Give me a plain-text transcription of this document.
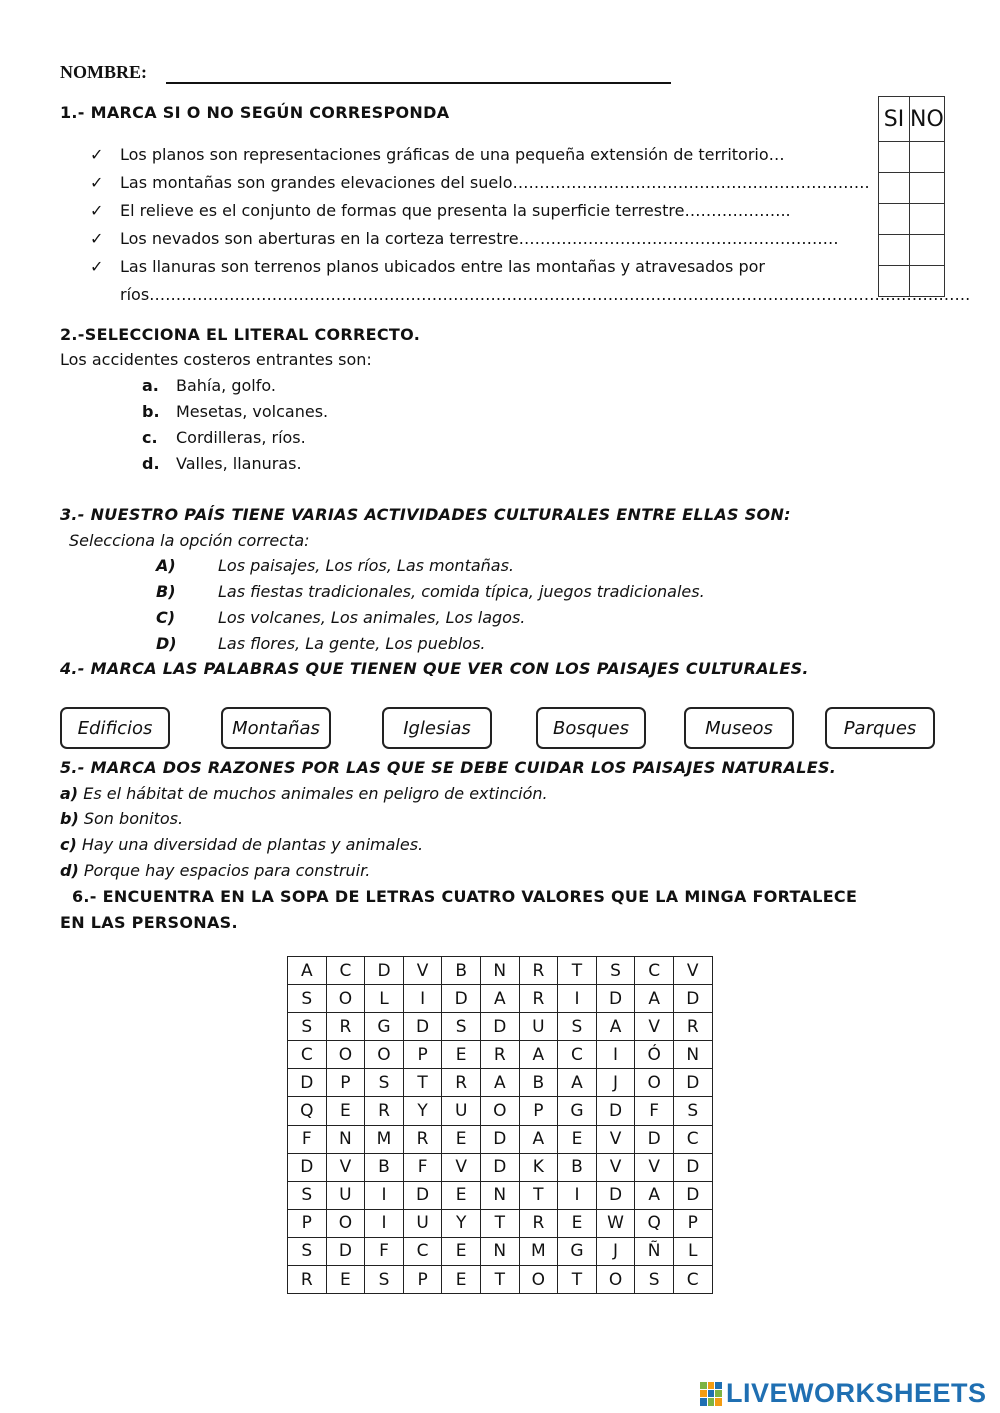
NOMBRE:
1.- MARCA SI O NO SEGÚN CORRESPONDA
✓	Los planos son representaciones gráficas de una pequeña extensión de territorio…
✓	Las montañas son grandes elevaciones del suelo………………………………………………………….
✓	El relieve es el conjunto de formas que presenta la superficie terrestre………………..
✓	Los nevados son aberturas en la corteza terrestre……………………………………………………
✓	Las llanuras son terrenos planos ubicados entre las montañas y atravesados por
ríos……………………………………………………………………………………………………………………………………….
SI	NO

2.-SELECCIONA EL LITERAL CORRECTO.
Los accidentes costeros entrantes son:
a. Bahía, golfo.
b. Mesetas, volcanes.
c. Cordilleras, ríos.
d. Valles, llanuras.
3.- NUESTRO PAÍS TIENE VARIAS ACTIVIDADES CULTURALES ENTRE ELLAS SON:
Selecciona la opción correcta:
A)	Los paisajes, Los ríos, Las montañas.
B)	Las fiestas tradicionales, comida típica, juegos tradicionales.
C)	Los volcanes, Los animales, Los lagos.
D)	Las flores, La gente, Los pueblos.
4.- MARCA LAS PALABRAS QUE TIENEN QUE VER CON LOS PAISAJES CULTURALES.
Edificios	Montañas	Iglesias	Bosques	Museos	Parques
5.- MARCA DOS RAZONES POR LAS QUE SE DEBE CUIDAR LOS PAISAJES NATURALES.
a) Es el hábitat de muchos animales en peligro de extinción.
b) Son bonitos.
c) Hay una diversidad de plantas y animales.
d) Porque hay espacios para construir.
6.- ENCUENTRA EN LA SOPA DE LETRAS CUATRO VALORES QUE LA MINGA FORTALECE
EN LAS PERSONAS.
A	C	D	V	B	N	R	T	S	C	V
S	O	L	I	D	A	R	I	D	A	D
S	R	G	D	S	D	U	S	A	V	R
C	O	O	P	E	R	A	C	I	Ó	N
D	P	S	T	R	A	B	A	J	O	D
Q	E	R	Y	U	O	P	G	D	F	S
F	N	M	R	E	D	A	E	V	D	C
D	V	B	F	V	D	K	B	V	V	D
S	U	I	D	E	N	T	I	D	A	D
P	O	I	U	Y	T	R	E	W	Q	P
S	D	F	C	E	N	M	G	J	Ñ	L
R	E	S	P	E	T	O	T	O	S	C
LIVEWORKSHEETS
